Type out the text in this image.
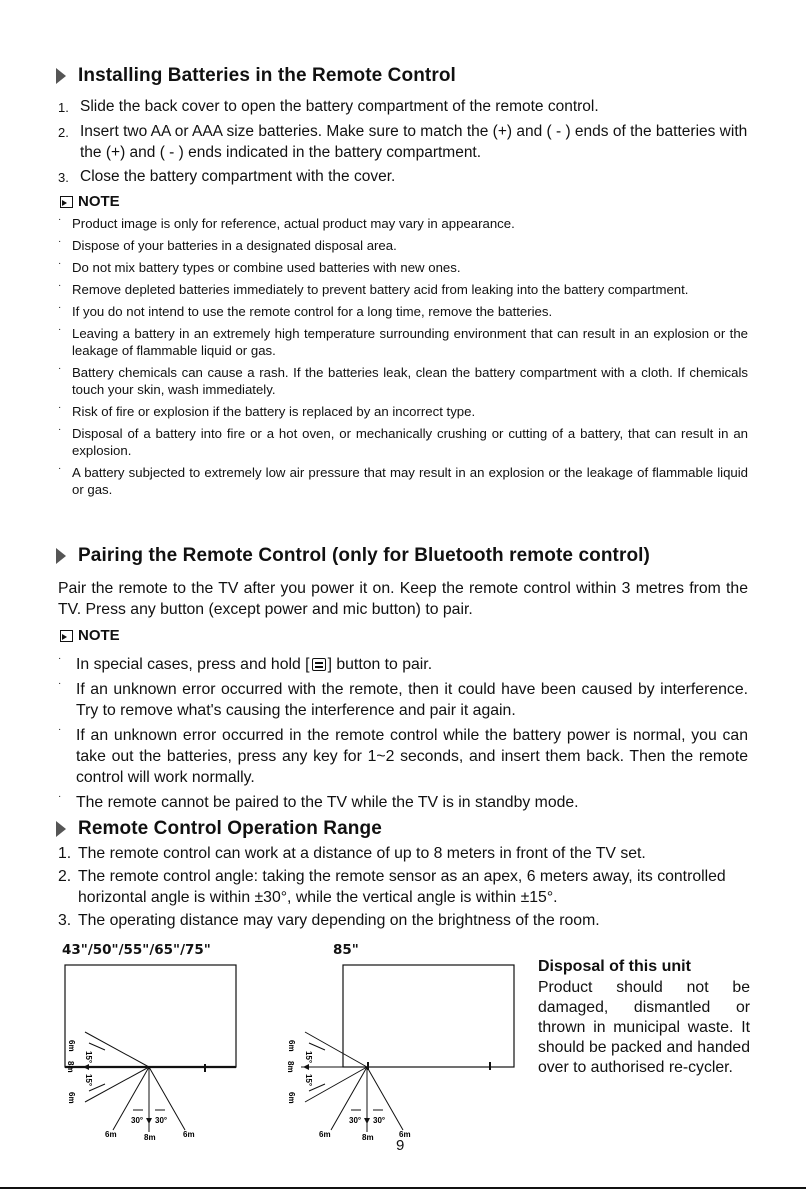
Installing Batteries in the Remote Control
1. Slide the back cover to open the battery compartment of the remote control.
2. Insert two AA or AAA size batteries. Make sure to match the (+) and ( - ) ends of the batteries with the (+) and ( - ) ends indicated in the battery compartment.
3. Close the battery compartment with the cover.
NOTE
· Product image is only for reference, actual product may vary in appearance.
· Dispose of your batteries in a designated disposal area.
· Do not mix battery types or combine used batteries with new ones.
· Remove depleted batteries immediately to prevent battery acid from leaking into the battery compartment.
· If you do not intend to use the remote control for a long time, remove the batteries.
· Leaving a battery in an extremely high temperature surrounding environment that can result in an explosion or the leakage of flammable liquid or gas.
· Battery chemicals can cause a rash. If the batteries leak, clean the battery compartment with a cloth. If chemicals touch your skin, wash immediately.
· Risk of fire or explosion if the battery is replaced by an incorrect type.
· Disposal of a battery into fire or a hot oven, or mechanically crushing or cutting of a battery, that can result in an explosion.
· A battery subjected to extremely low air pressure that may result in an explosion or the leakage of flammable liquid or gas.
Pairing the Remote Control (only for Bluetooth remote control)
Pair the remote to the TV after you power it on. Keep the remote control within 3 metres from the TV. Press any button (except power and mic button) to pair.
NOTE
· In special cases, press and hold [ ] button to pair.
· If an unknown error occurred with the remote, then it could have been caused by interference. Try to remove what's causing the interference and pair it again.
· If an unknown error occurred in the remote control while the battery power is normal, you can take out the batteries, press any key for 1~2 seconds, and insert them back. Then the remote control will work normally.
· The remote cannot be paired to the TV while the TV is in standby mode.
Remote Control Operation Range
1. The remote control can work at a distance of up to 8 meters in front of the TV set.
2. The remote control angle: taking the remote sensor as an apex, 6 meters away, its controlled horizontal angle is within ±30°, while the vertical angle is within ±15°.
3. The operating distance may vary depending on the brightness of the room.
43"/50"/55"/65"/75"	85"
6m
8m
6m
15°
15°
30° 30°
6m	8m	6m
6m
8m
6m
15°
15°
30° 30°
6m	8m	6m
Disposal of this unit
Product should not be damaged, dismantled or thrown in municipal waste. It should be packed and handed over to authorised re-cycler.
9
